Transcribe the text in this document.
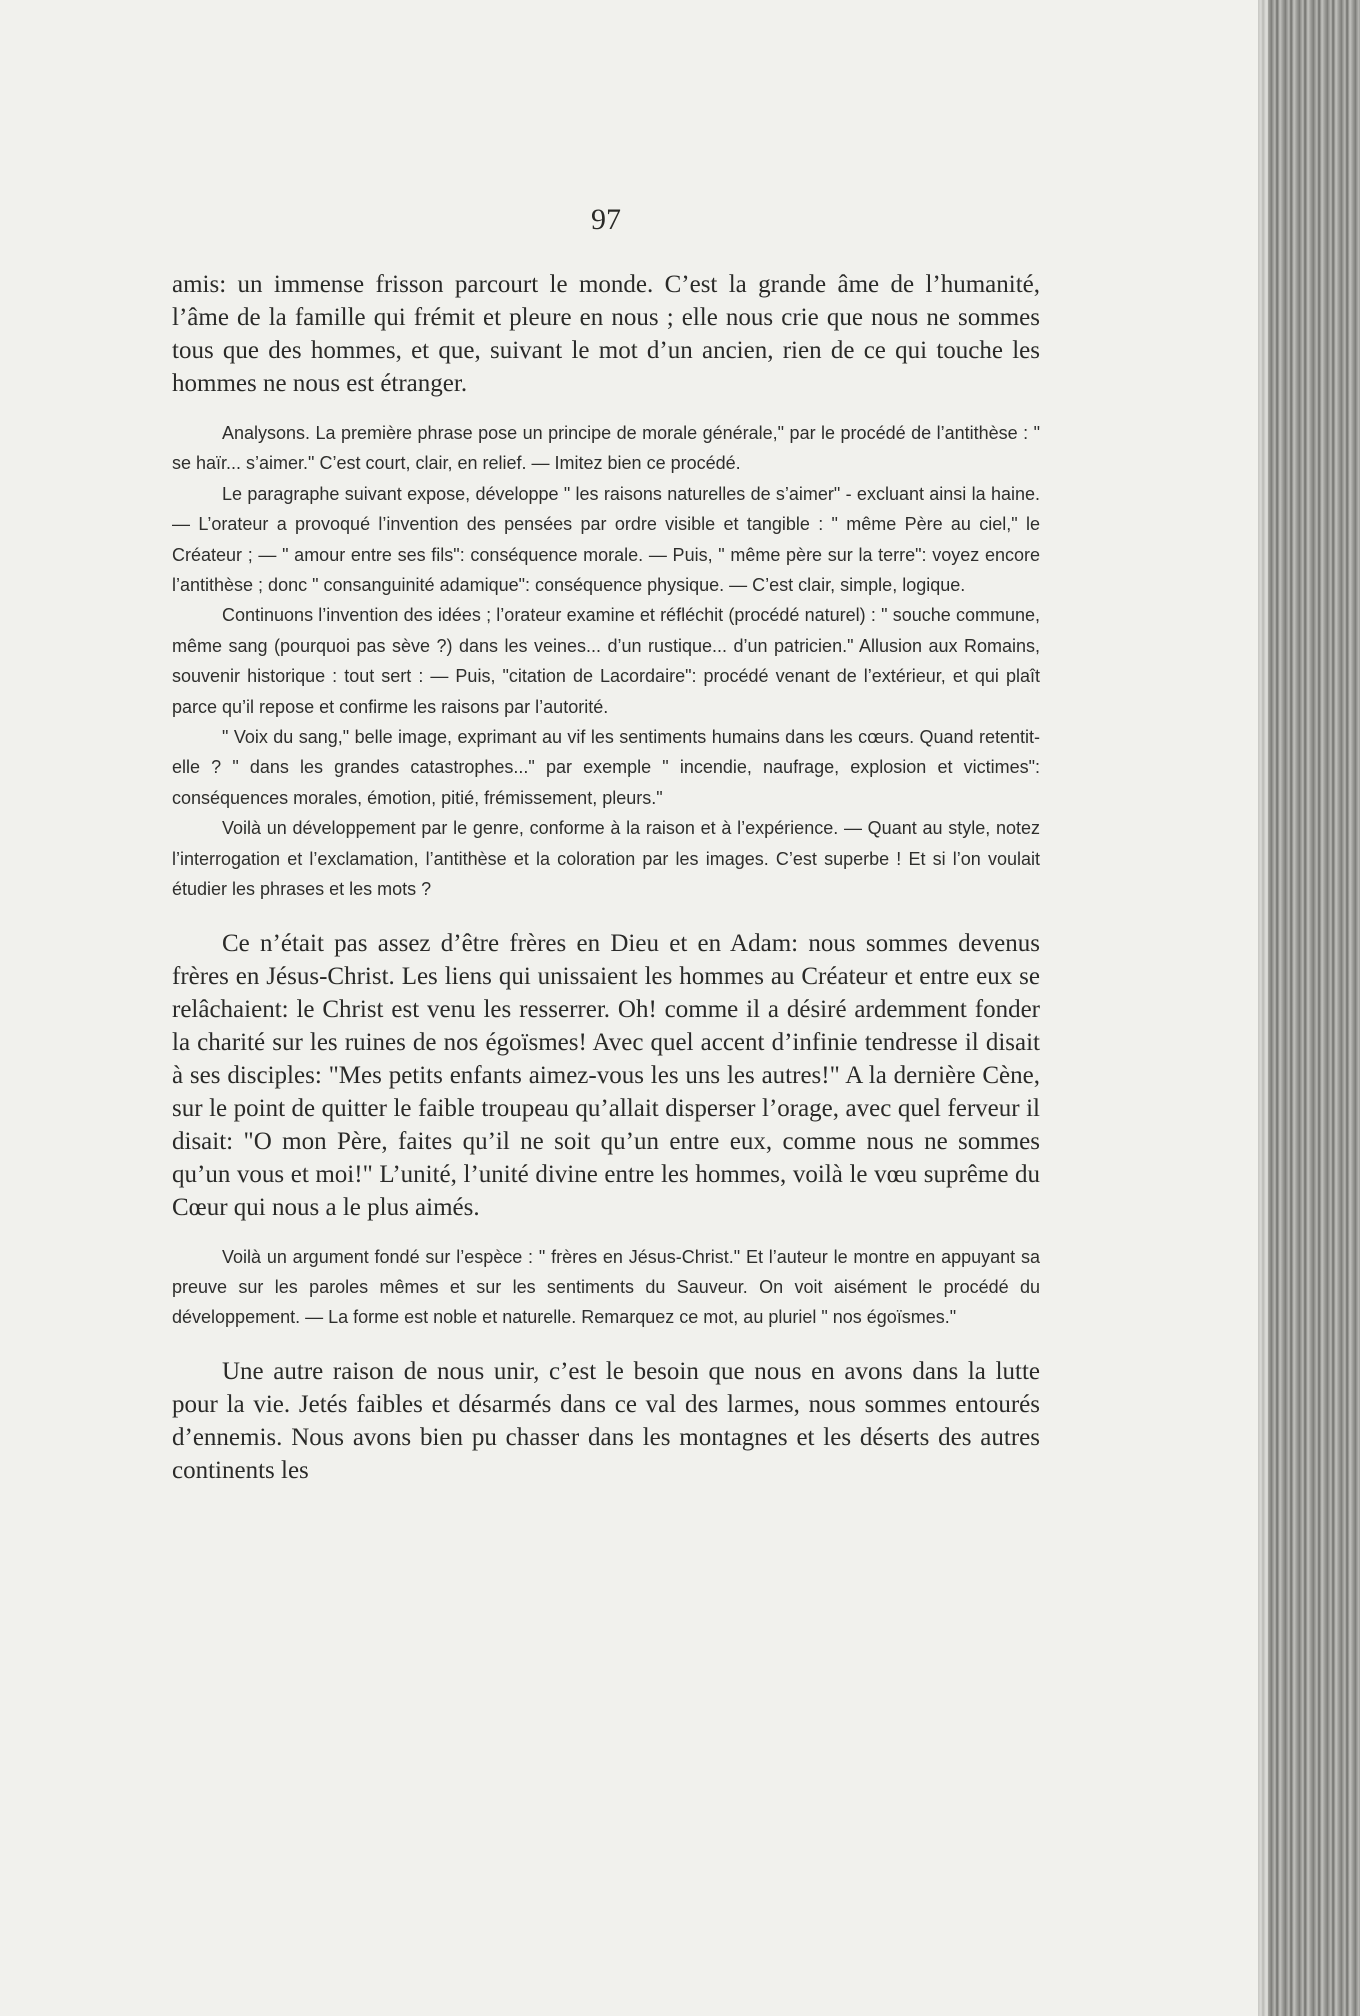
97

amis: un immense frisson parcourt le monde. C’est la grande âme de l’humanité, l’âme de la famille qui frémit et pleure en nous ; elle nous crie que nous ne sommes tous que des hommes, et que, suivant le mot d’un ancien, rien de ce qui touche les hommes ne nous est étranger.

Analysons. La première phrase pose un principe de morale générale," par le procédé de l’antithèse : " se haïr... s’aimer." C’est court, clair, en relief. — Imitez bien ce procédé.

Le paragraphe suivant expose, développe " les raisons naturelles de s’aimer" - excluant ainsi la haine. — L’orateur a provoqué l’invention des pensées par ordre visible et tangible : " même Père au ciel," le Créateur ; — " amour entre ses fils": conséquence morale. — Puis, " même père sur la terre": voyez encore l’antithèse ; donc " consanguinité adamique": conséquence physique. — C’est clair, simple, logique.

Continuons l’invention des idées ; l’orateur examine et réfléchit (procédé naturel) : " souche commune, même sang (pourquoi pas sève ?) dans les veines... d’un rustique... d’un patricien." Allusion aux Romains, souvenir historique : tout sert : — Puis, "citation de Lacordaire": procédé venant de l’extérieur, et qui plaît parce qu’il repose et confirme les raisons par l’autorité.

" Voix du sang," belle image, exprimant au vif les sentiments humains dans les cœurs. Quand retentit-elle ? " dans les grandes catastrophes..." par exemple " incendie, naufrage, explosion et victimes": conséquences morales, émotion, pitié, frémissement, pleurs."

Voilà un développement par le genre, conforme à la raison et à l’expérience. — Quant au style, notez l’interrogation et l’exclamation, l’antithèse et la coloration par les images. C’est superbe ! Et si l’on voulait étudier les phrases et les mots ?

Ce n’était pas assez d’être frères en Dieu et en Adam: nous sommes devenus frères en Jésus-Christ. Les liens qui unissaient les hommes au Créateur et entre eux se relâchaient: le Christ est venu les resserrer. Oh! comme il a désiré ardemment fonder la charité sur les ruines de nos égoïsmes! Avec quel accent d’infinie tendresse il disait à ses disciples: "Mes petits enfants aimez-vous les uns les autres!" A la dernière Cène, sur le point de quitter le faible troupeau qu’allait disperser l’orage, avec quel ferveur il disait: "O mon Père, faites qu’il ne soit qu’un entre eux, comme nous ne sommes qu’un vous et moi!" L’unité, l’unité divine entre les hommes, voilà le vœu suprême du Cœur qui nous a le plus aimés.

Voilà un argument fondé sur l’espèce : " frères en Jésus-Christ." Et l’auteur le montre en appuyant sa preuve sur les paroles mêmes et sur les sentiments du Sauveur. On voit aisément le procédé du développement. — La forme est noble et naturelle. Remarquez ce mot, au pluriel " nos égoïsmes."

Une autre raison de nous unir, c’est le besoin que nous en avons dans la lutte pour la vie. Jetés faibles et désarmés dans ce val des larmes, nous sommes entourés d’ennemis. Nous avons bien pu chasser dans les montagnes et les déserts des autres continents les
